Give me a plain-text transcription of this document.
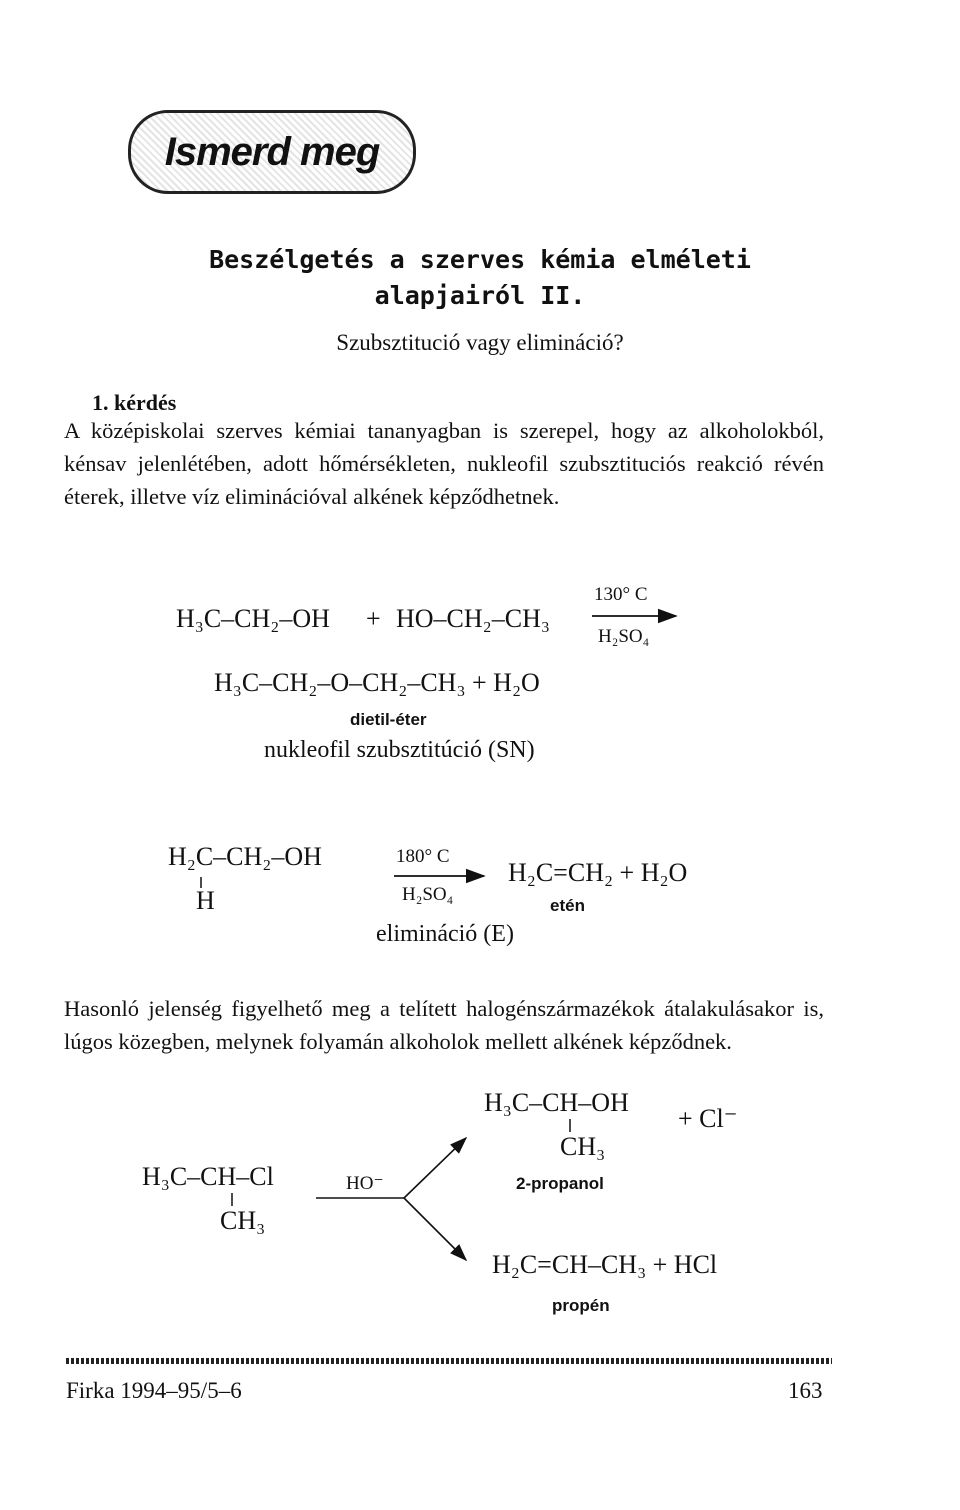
Ismerd meg
Beszélgetés a szerves kémia elméleti
alapjairól II.
Szubsztitució vagy elimináció?
1. kérdés
A középiskolai szerves kémiai tananyagban is szerepel, hogy az alkoholokból, kénsav jelenlétében, adott hőmérsékleten, nukleofil szubsztituciós reakció révén éterek, illetve víz eliminációval alkének képződhetnek.
H₃C–CH₂–OH + HO–CH₂–CH₃
130° C
H₂SO₄
H₃C–CH₂–O–CH₂–CH₃ + H₂O
dietil-éter
nukleofil szubsztitúció (SN)
H₂C–CH₂–OH
H
180° C
H₂SO₄
H₂C=CH₂ + H₂O
etén
elimináció (E)
Hasonló jelenség figyelhető meg a telített halogénszármazékok átalakulásakor is, lúgos közegben, melynek folyamán alkoholok mellett alkének képződnek.
H₃C–CH–OH
+ Cl⁻
CH₃
2-propanol
H₃C–CH–Cl
CH₃
HO⁻
H₂C=CH–CH₃ + HCl
propén
Firka 1994–95/5–6	163
